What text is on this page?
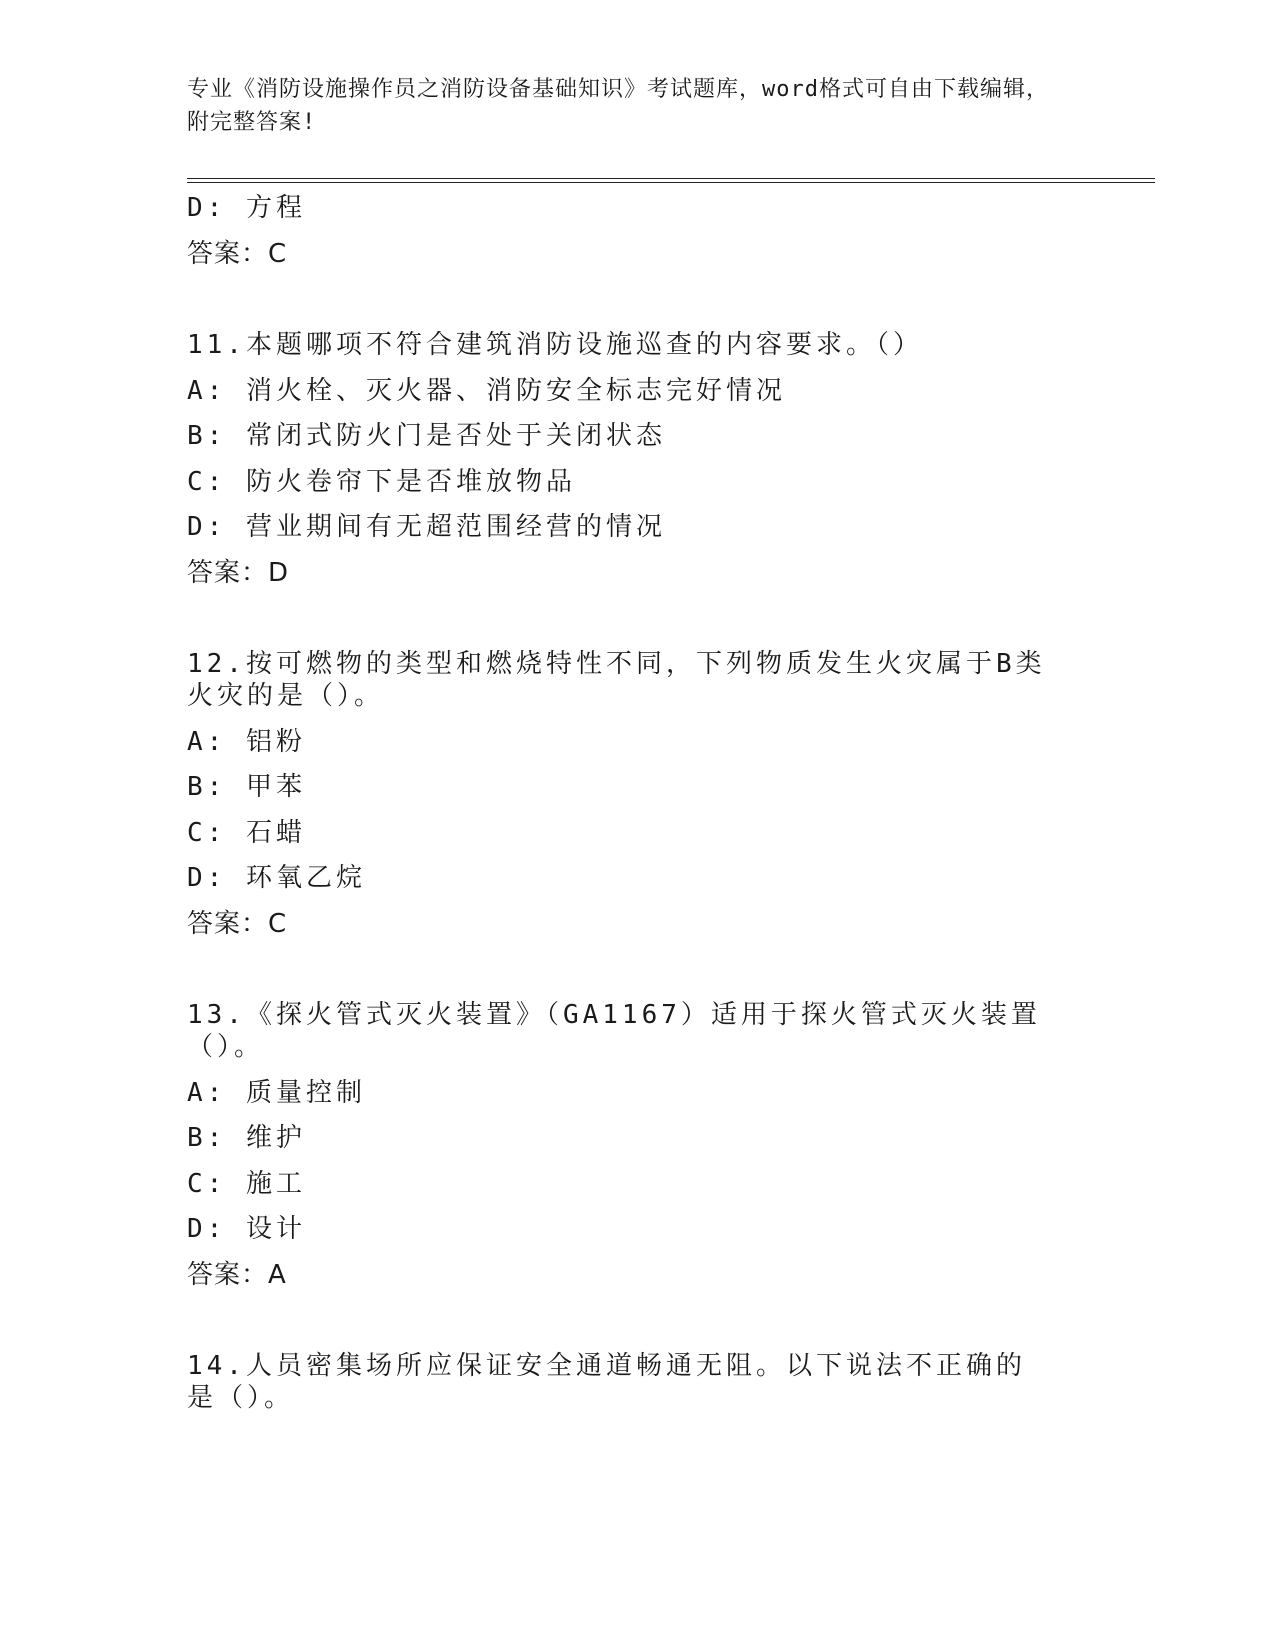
专业《消防设施操作员之消防设备基础知识》考试题库，word格式可自由下载编辑，附完整答案!
D: 方程
答案：C
11.本题哪项不符合建筑消防设施巡查的内容要求。（）
A: 消火栓、灭火器、消防安全标志完好情况
B: 常闭式防火门是否处于关闭状态
C: 防火卷帘下是否堆放物品
D: 营业期间有无超范围经营的情况
答案：D
12.按可燃物的类型和燃烧特性不同，下列物质发生火灾属于B类火灾的是（）。
A: 铝粉
B: 甲苯
C: 石蜡
D: 环氧乙烷
答案：C
13.《探火管式灭火装置》（GA1167）适用于探火管式灭火装置（）。
A: 质量控制
B: 维护
C: 施工
D: 设计
答案：A
14.人员密集场所应保证安全通道畅通无阻。以下说法不正确的是（）。
